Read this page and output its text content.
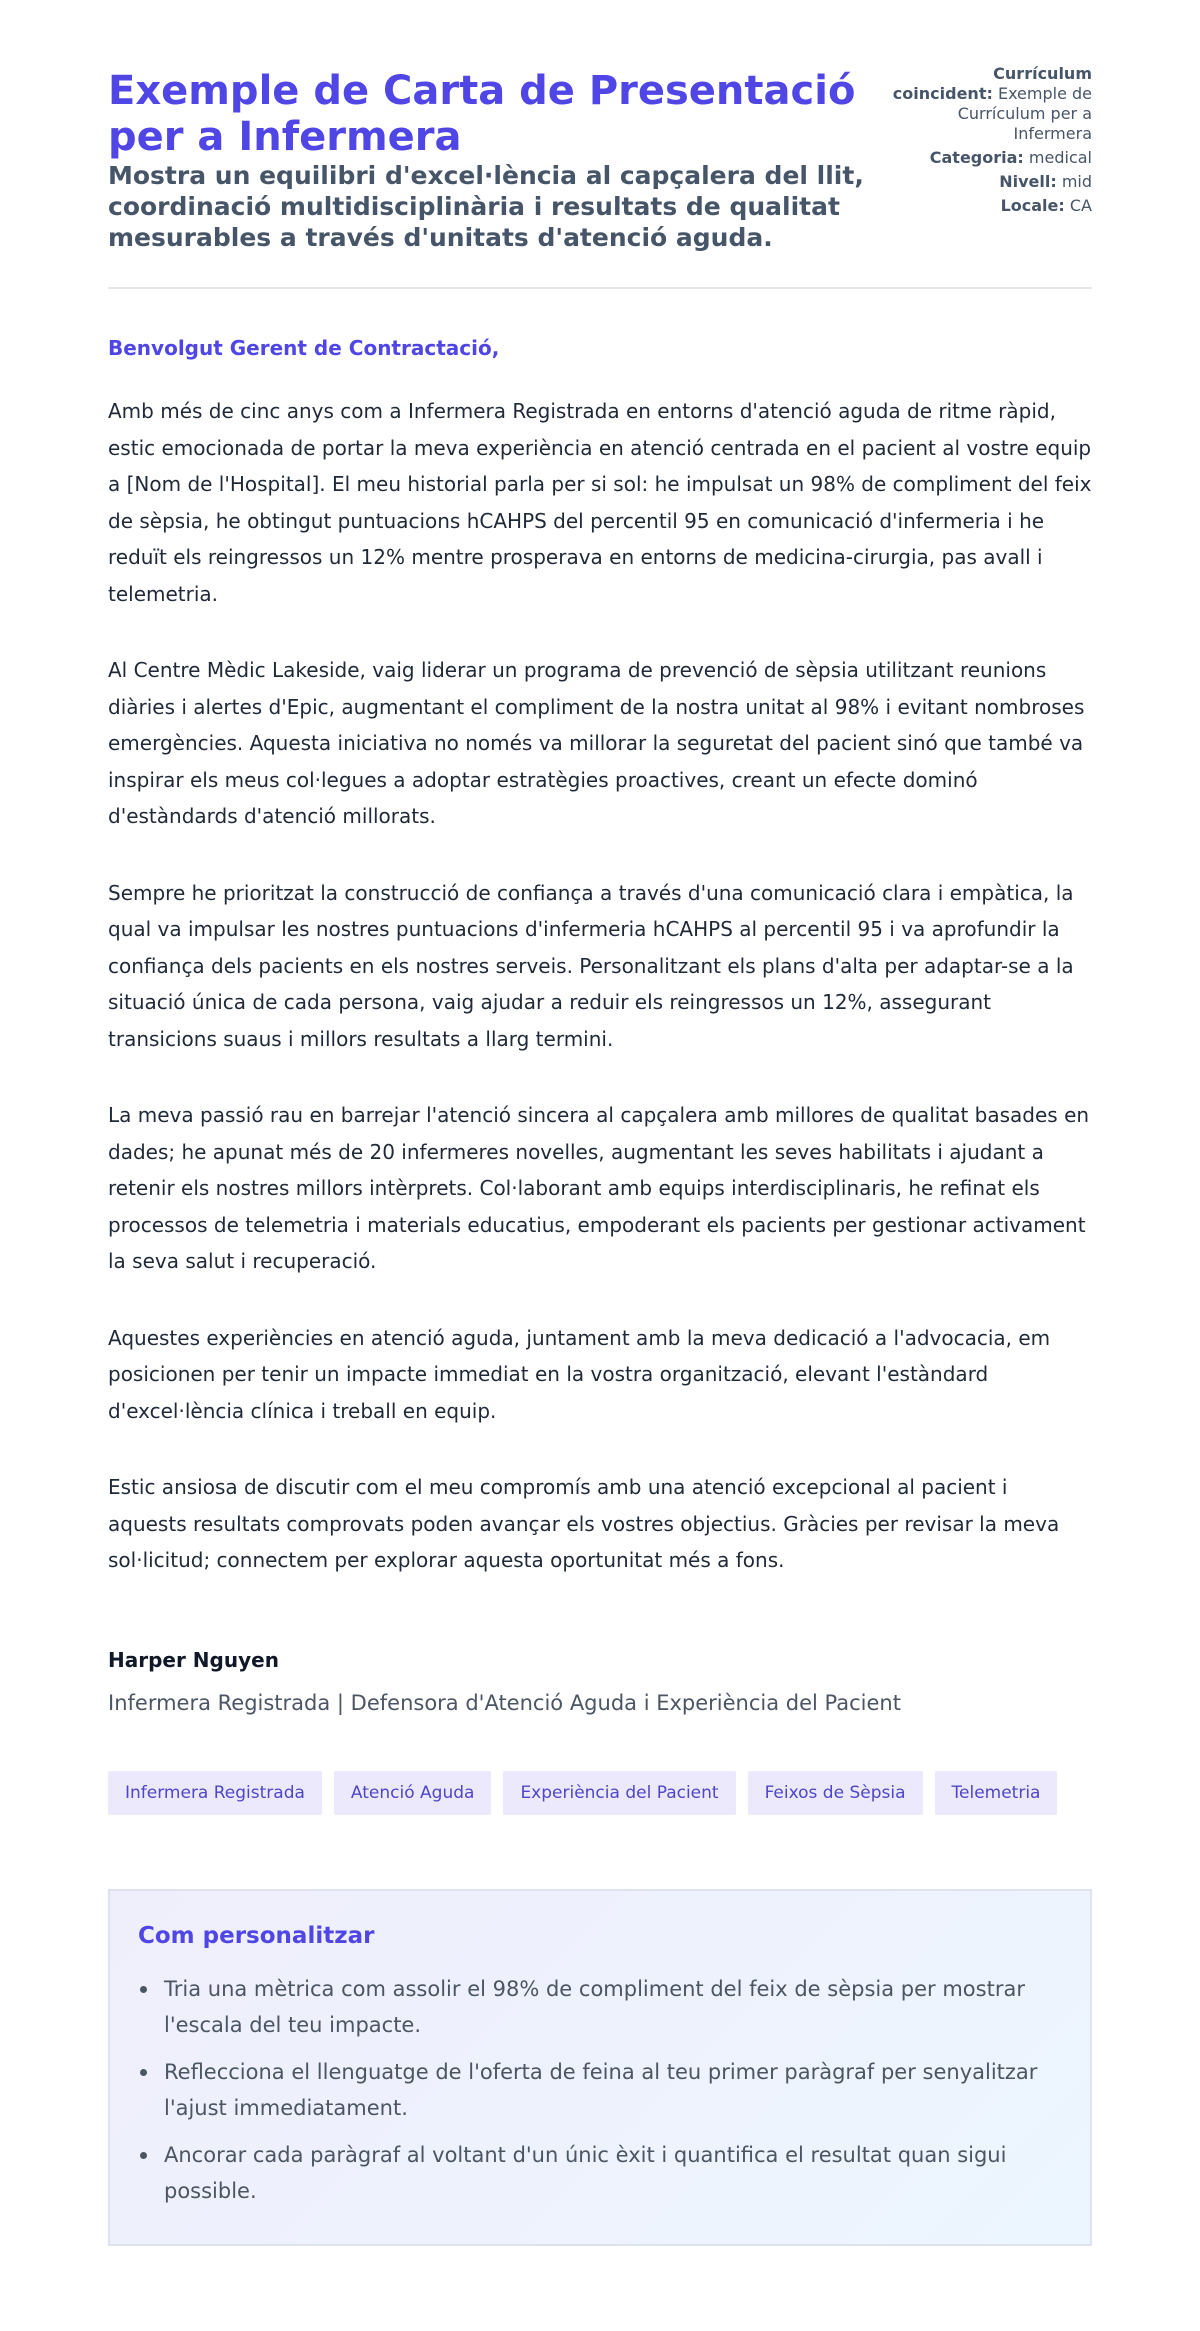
Exemple de Carta de Presentació per a Infermera
Mostra un equilibri d'excel·lència al capçalera del llit, coordinació multidisciplinària i resultats de qualitat mesurables a través d'unitats d'atenció aguda.
Currículum coincident: Exemple de Currículum per a Infermera
Categoria: medical
Nivell: mid
Locale: CA

Benvolgut Gerent de Contractació,

Amb més de cinc anys com a Infermera Registrada en entorns d'atenció aguda de ritme ràpid, estic emocionada de portar la meva experiència en atenció centrada en el pacient al vostre equip a [Nom de l'Hospital]. El meu historial parla per si sol: he impulsat un 98% de compliment del feix de sèpsia, he obtingut puntuacions hCAHPS del percentil 95 en comunicació d'infermeria i he reduït els reingressos un 12% mentre prosperava en entorns de medicina-cirurgia, pas avall i telemetria.

Al Centre Mèdic Lakeside, vaig liderar un programa de prevenció de sèpsia utilitzant reunions diàries i alertes d'Epic, augmentant el compliment de la nostra unitat al 98% i evitant nombroses emergències. Aquesta iniciativa no només va millorar la seguretat del pacient sinó que també va inspirar els meus col·legues a adoptar estratègies proactives, creant un efecte dominó d'estàndards d'atenció millorats.

Sempre he prioritzat la construcció de confiança a través d'una comunicació clara i empàtica, la qual va impulsar les nostres puntuacions d'infermeria hCAHPS al percentil 95 i va aprofundir la confiança dels pacients en els nostres serveis. Personalitzant els plans d'alta per adaptar-se a la situació única de cada persona, vaig ajudar a reduir els reingressos un 12%, assegurant transicions suaus i millors resultats a llarg termini.

La meva passió rau en barrejar l'atenció sincera al capçalera amb millores de qualitat basades en dades; he apunat més de 20 infermeres novelles, augmentant les seves habilitats i ajudant a retenir els nostres millors intèrprets. Col·laborant amb equips interdisciplinaris, he refinat els processos de telemetria i materials educatius, empoderant els pacients per gestionar activament la seva salut i recuperació.

Aquestes experiències en atenció aguda, juntament amb la meva dedicació a l'advocacia, em posicionen per tenir un impacte immediat en la vostra organització, elevant l'estàndard d'excel·lència clínica i treball en equip.

Estic ansiosa de discutir com el meu compromís amb una atenció excepcional al pacient i aquests resultats comprovats poden avançar els vostres objectius. Gràcies per revisar la meva sol·licitud; connectem per explorar aquesta oportunitat més a fons.

Harper Nguyen

Infermera Registrada | Defensora d'Atenció Aguda i Experiència del Pacient

Infermera Registrada	Atenció Aguda	Experiència del Pacient	Feixos de Sèpsia	Telemetria
Com personalitzar
Tria una mètrica com assolir el 98% de compliment del feix de sèpsia per mostrar l'escala del teu impacte.
Reflecciona el llenguatge de l'oferta de feina al teu primer paràgraf per senyalitzar l'ajust immediatament.
Ancorar cada paràgraf al voltant d'un únic èxit i quantifica el resultat quan sigui possible.
